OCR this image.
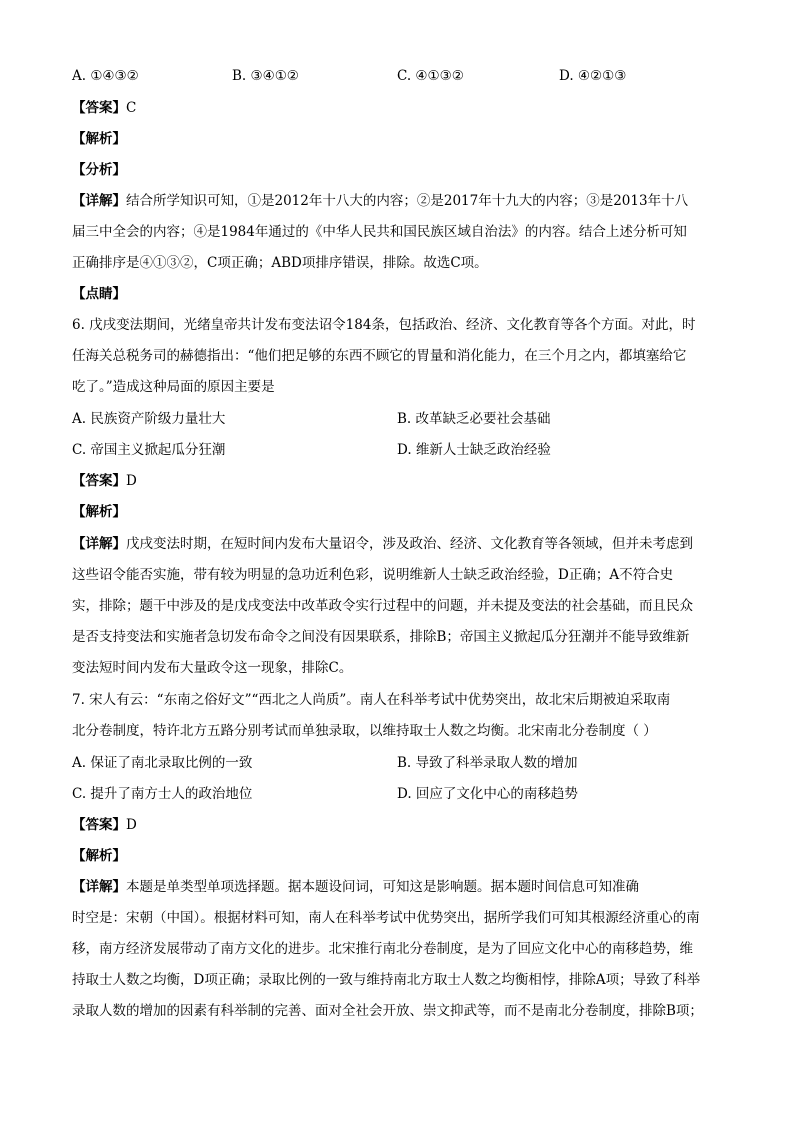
A. ①④③②	B. ③④①②	C. ④①③②	D. ④②①③
【答案】C
【解析】
【分析】
【详解】结合所学知识可知，①是2012年十八大的内容；②是2017年十九大的内容；③是2013年十八
届三中全会的内容；④是1984年通过的《中华人民共和国民族区域自治法》的内容。结合上述分析可知
正确排序是④①③②，C项正确；ABD项排序错误，排除。故选C项。
【点睛】
6. 戊戌变法期间，光绪皇帝共计发布变法诏令184条，包括政治、经济、文化教育等各个方面。对此，时
任海关总税务司的赫德指出：“他们把足够的东西不顾它的胃量和消化能力，在三个月之内，都填塞给它
吃了。”造成这种局面的原因主要是
A. 民族资产阶级力量壮大	B. 改革缺乏必要社会基础
C. 帝国主义掀起瓜分狂潮	D. 维新人士缺乏政治经验
【答案】D
【解析】
【详解】戊戌变法时期，在短时间内发布大量诏令，涉及政治、经济、文化教育等各领域，但并未考虑到
这些诏令能否实施，带有较为明显的急功近利色彩，说明维新人士缺乏政治经验，D正确；A不符合史
实，排除；题干中涉及的是戊戌变法中改革政令实行过程中的问题，并未提及变法的社会基础，而且民众
是否支持变法和实施者急切发布命令之间没有因果联系，排除B；帝国主义掀起瓜分狂潮并不能导致维新
变法短时间内发布大量政令这一现象，排除C。
7. 宋人有云：“东南之俗好文”“西北之人尚质”。南人在科举考试中优势突出，故北宋后期被迫采取南
北分卷制度，特许北方五路分别考试而单独录取，以维持取士人数之均衡。北宋南北分卷制度（ ）
A. 保证了南北录取比例的一致	B. 导致了科举录取人数的增加
C. 提升了南方士人的政治地位	D. 回应了文化中心的南移趋势
【答案】D
【解析】
【详解】本题是单类型单项选择题。据本题设问词，可知这是影响题。据本题时间信息可知准确
时空是：宋朝（中国）。根据材料可知，南人在科举考试中优势突出，据所学我们可知其根源经济重心的南
移，南方经济发展带动了南方文化的进步。北宋推行南北分卷制度，是为了回应文化中心的南移趋势，维
持取士人数之均衡，D项正确；录取比例的一致与维持南北方取士人数之均衡相悖，排除A项；导致了科举
录取人数的增加的因素有科举制的完善、面对全社会开放、崇文抑武等，而不是南北分卷制度，排除B项；
